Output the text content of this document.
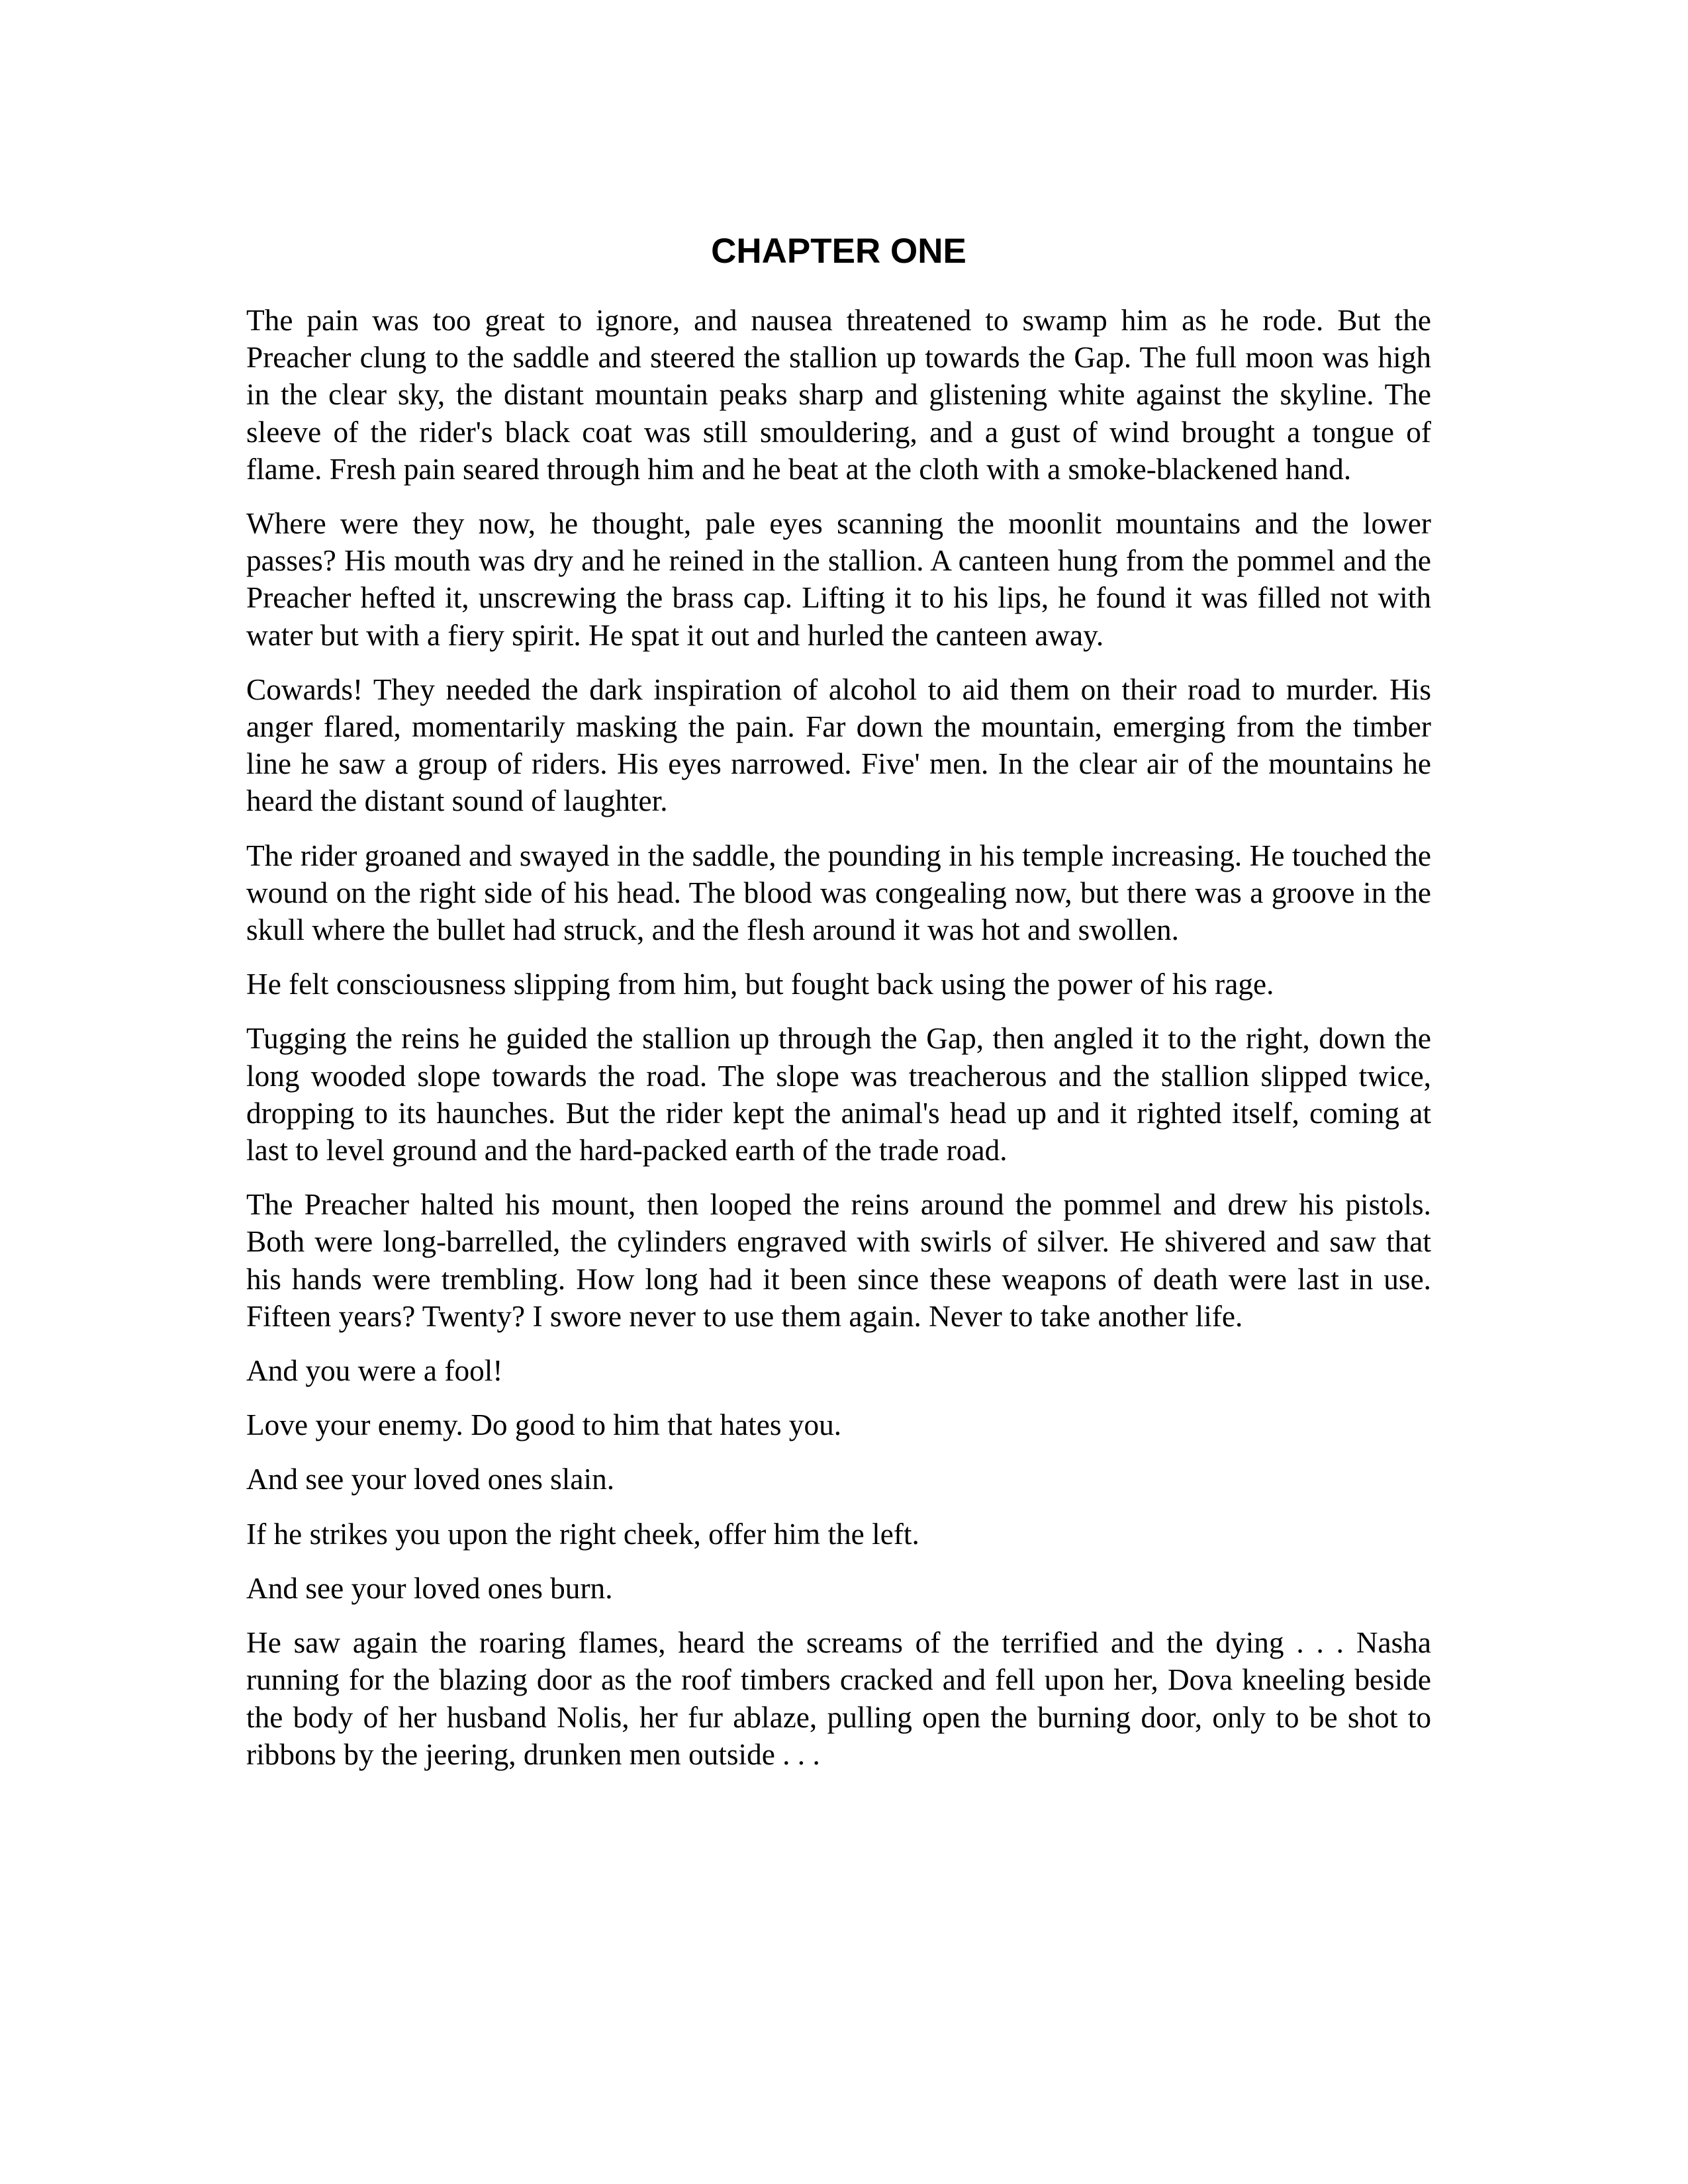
CHAPTER ONE

The pain was too great to ignore, and nausea threatened to swamp him as he rode. But the Preacher clung to the saddle and steered the stallion up towards the Gap. The full moon was high in the clear sky, the distant mountain peaks sharp and glistening white against the skyline. The sleeve of the rider's black coat was still smouldering, and a gust of wind brought a tongue of flame. Fresh pain seared through him and he beat at the cloth with a smoke-blackened hand.

Where were they now, he thought, pale eyes scanning the moonlit mountains and the lower passes? His mouth was dry and he reined in the stallion. A canteen hung from the pommel and the Preacher hefted it, unscrewing the brass cap. Lifting it to his lips, he found it was filled not with water but with a fiery spirit. He spat it out and hurled the canteen away.

Cowards! They needed the dark inspiration of alcohol to aid them on their road to murder. His anger flared, momentarily masking the pain. Far down the mountain, emerging from the timber line he saw a group of riders. His eyes narrowed. Five' men. In the clear air of the mountains he heard the distant sound of laughter.

The rider groaned and swayed in the saddle, the pounding in his temple increasing. He touched the wound on the right side of his head. The blood was congealing now, but there was a groove in the skull where the bullet had struck, and the flesh around it was hot and swollen.

He felt consciousness slipping from him, but fought back using the power of his rage.

Tugging the reins he guided the stallion up through the Gap, then angled it to the right, down the long wooded slope towards the road. The slope was treacherous and the stallion slipped twice, dropping to its haunches. But the rider kept the animal's head up and it righted itself, coming at last to level ground and the hard-packed earth of the trade road.

The Preacher halted his mount, then looped the reins around the pommel and drew his pistols. Both were long-barrelled, the cylinders engraved with swirls of silver. He shivered and saw that his hands were trembling. How long had it been since these weapons of death were last in use. Fifteen years? Twenty? I swore never to use them again. Never to take another life.

And you were a fool!

Love your enemy. Do good to him that hates you.

And see your loved ones slain.

If he strikes you upon the right cheek, offer him the left.

And see your loved ones burn.

He saw again the roaring flames, heard the screams of the terrified and the dying . . . Nasha running for the blazing door as the roof timbers cracked and fell upon her, Dova kneeling beside the body of her husband Nolis, her fur ablaze, pulling open the burning door, only to be shot to ribbons by the jeering, drunken men outside . . .
